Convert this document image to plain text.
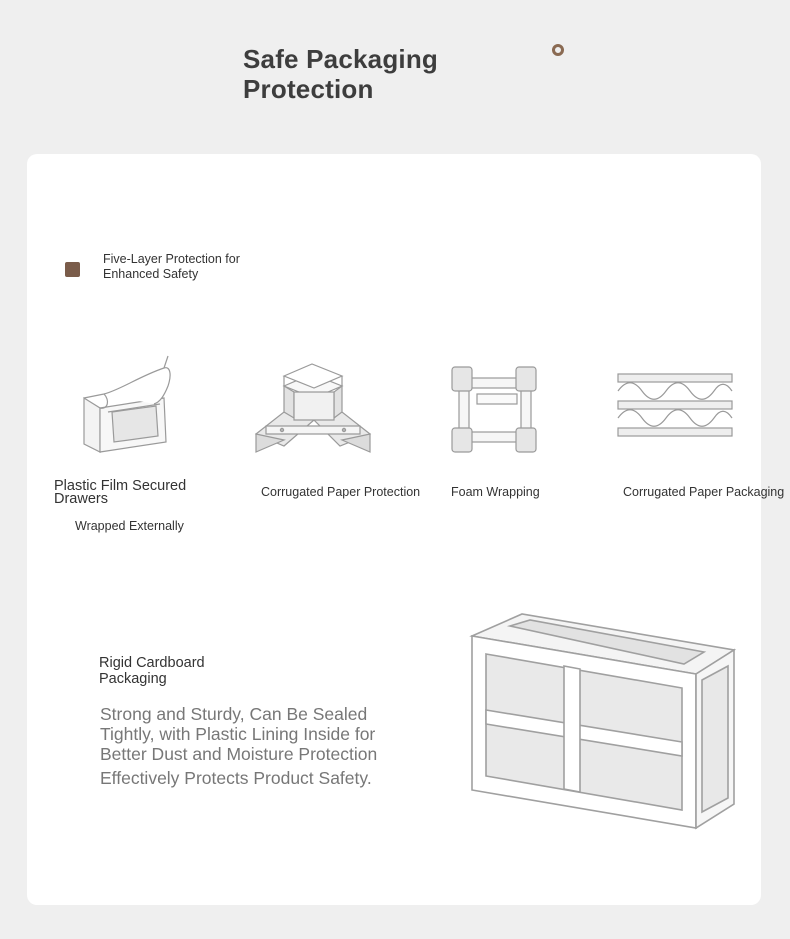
Safe Packaging Protection
Five-Layer Protection for Enhanced Safety
Plastic Film Secured Drawers
Wrapped Externally
Corrugated Paper Protection Foam Wrapping	Corrugated Paper Packaging
Rigid Cardboard Packaging
Strong and Sturdy, Can Be Sealed Tightly, with Plastic Lining Inside for Better Dust and Moisture Protection
Effectively Protects Product Safety.
